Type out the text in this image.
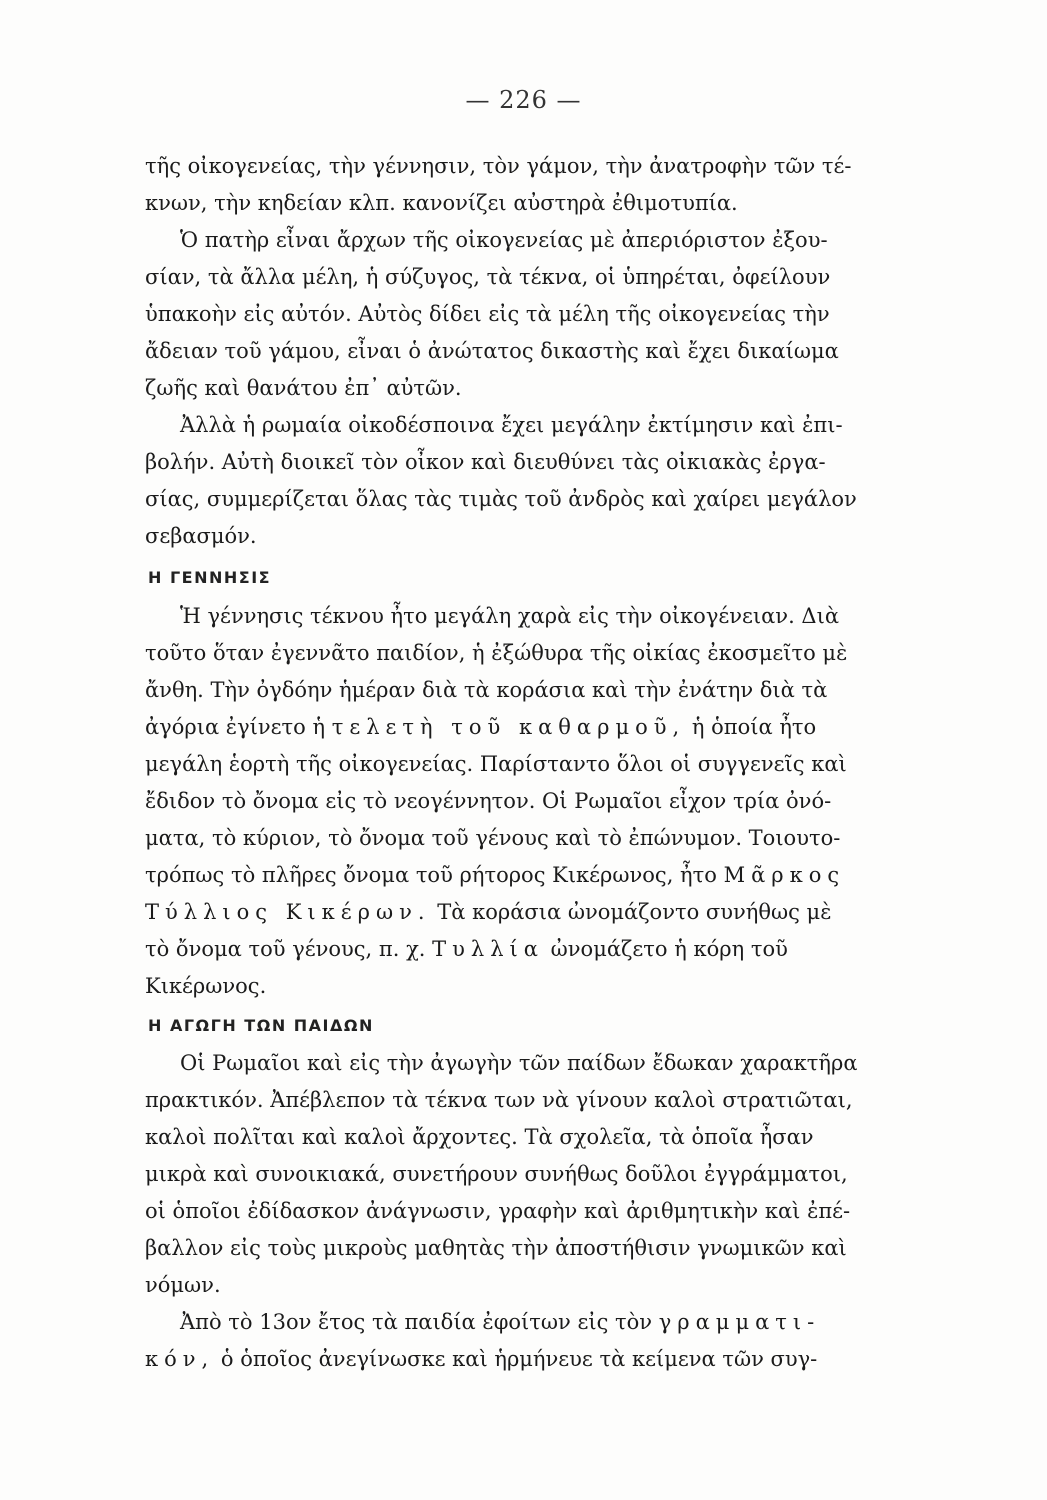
— 226 —
τῆς οἰκογενείας, τὴν γέννησιν, τὸν γάμον, τὴν ἀνατροφὴν τῶν τέ-
κνων, τὴν κηδείαν κλπ. κανονίζει αὐστηρὰ ἐθιμοτυπία.
Ὁ πατὴρ εἶναι ἄρχων τῆς οἰκογενείας μὲ ἀπεριόριστον ἐξου-
σίαν, τὰ ἄλλα μέλη, ἡ σύζυγος, τὰ τέκνα, οἱ ὑπηρέται, ὀφείλουν
ὑπακοὴν εἰς αὐτόν. Αὐτὸς δίδει εἰς τὰ μέλη τῆς οἰκογενείας τὴν
ἄδειαν τοῦ γάμου, εἶναι ὁ ἀνώτατος δικαστὴς καὶ ἔχει δικαίωμα
ζωῆς καὶ θανάτου ἐπ᾽ αὐτῶν.
Ἀλλὰ ἡ ρωμαία οἰκοδέσποινα ἔχει μεγάλην ἐκτίμησιν καὶ ἐπι-
βολήν. Αὐτὴ διοικεῖ τὸν οἶκον καὶ διευθύνει τὰς οἰκιακὰς ἐργα-
σίας, συμμερίζεται ὅλας τὰς τιμὰς τοῦ ἀνδρὸς καὶ χαίρει μεγάλον
σεβασμόν.
Η ΓΕΝΝΗΣΙΣ
Ἡ γέννησις τέκνου ἦτο μεγάλη χαρὰ εἰς τὴν οἰκογένειαν. Διὰ
τοῦτο ὅταν ἐγεννᾶτο παιδίον, ἡ ἐξώθυρα τῆς οἰκίας ἐκοσμεῖτο μὲ
ἄνθη. Τὴν ὀγδόην ἡμέραν διὰ τὰ κοράσια καὶ τὴν ἐνάτην διὰ τὰ
ἀγόρια ἐγίνετο ἡ τελετὴ τοῦ καθαρμοῦ, ἡ ὁποία ἦτο
μεγάλη ἑορτὴ τῆς οἰκογενείας. Παρίσταντο ὅλοι οἱ συγγενεῖς καὶ
ἔδιδον τὸ ὄνομα εἰς τὸ νεογέννητον. Οἱ Ρωμαῖοι εἶχον τρία ὀνό-
ματα, τὸ κύριον, τὸ ὄνομα τοῦ γένους καὶ τὸ ἐπώνυμον. Τοιουτο-
τρόπως τὸ πλῆρες ὄνομα τοῦ ρήτορος Κικέρωνος, ἦτο Μᾶρκος
Τύλλιος Κικέρων. Τὰ κοράσια ὠνομάζοντο συνήθως μὲ
τὸ ὄνομα τοῦ γένους, π. χ. Τυλλία ὠνομάζετο ἡ κόρη τοῦ
Κικέρωνος.
Η ΑΓΩΓΗ ΤΩΝ ΠΑΙΔΩΝ
Οἱ Ρωμαῖοι καὶ εἰς τὴν ἀγωγὴν τῶν παίδων ἔδωκαν χαρακτῆρα
πρακτικόν. Ἀπέβλεπον τὰ τέκνα των νὰ γίνουν καλοὶ στρατιῶται,
καλοὶ πολῖται καὶ καλοὶ ἄρχοντες. Τὰ σχολεῖα, τὰ ὁποῖα ἦσαν
μικρὰ καὶ συνοικιακά, συνετήρουν συνήθως δοῦλοι ἐγγράμματοι,
οἱ ὁποῖοι ἐδίδασκον ἀνάγνωσιν, γραφὴν καὶ ἀριθμητικὴν καὶ ἐπέ-
βαλλον εἰς τοὺς μικροὺς μαθητὰς τὴν ἀποστήθισιν γνωμικῶν καὶ
νόμων.
Ἀπὸ τὸ 13ον ἔτος τὰ παιδία ἐφοίτων εἰς τὸν γραμματι-
κόν, ὁ ὁποῖος ἀνεγίνωσκε καὶ ἡρμήνευε τὰ κείμενα τῶν συγ-
